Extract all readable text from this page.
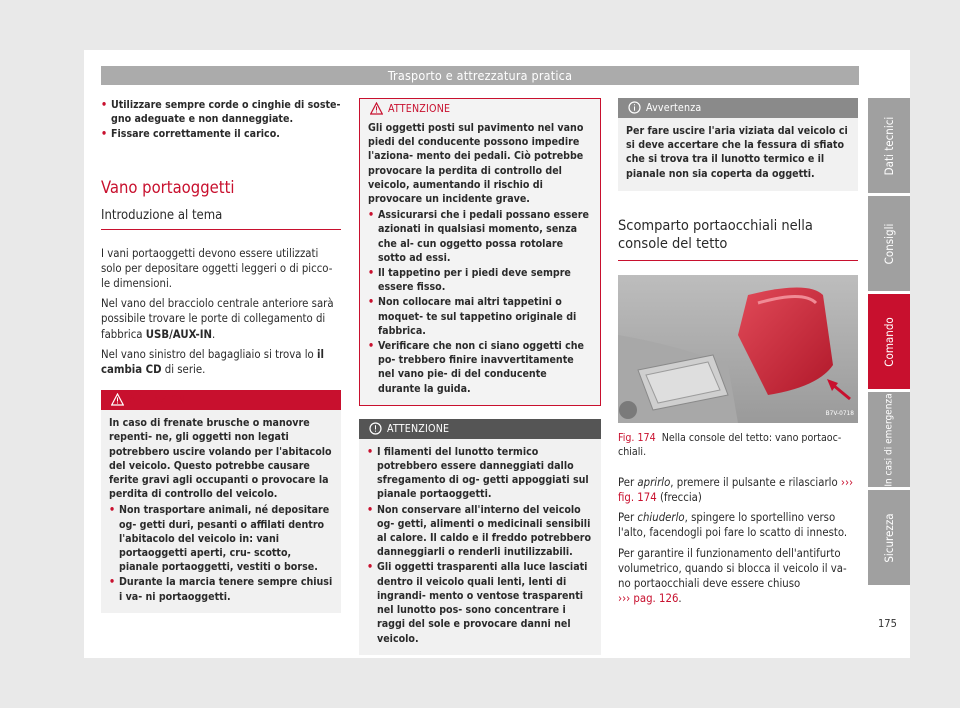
Trasporto e attrezzatura pratica
• Utilizzare sempre corde o cinghie di soste- gno adeguate e non danneggiate.
• Fissare correttamente il carico.
Vano portaoggetti
Introduzione al tema

I vani portaoggetti devono essere utilizzati solo per depositare oggetti leggeri o di picco- le dimensioni.

Nel vano del bracciolo centrale anteriore sarà possibile trovare le porte di collegamento di fabbrica USB/AUX-IN.

Nel vano sinistro del bagagliaio si trova lo il cambia CD di serie.

ATTENZIONE

In caso di frenate brusche o manovre repenti- ne, gli oggetti non legati potrebbero uscire volando per l'abitacolo del veicolo. Questo potrebbe causare ferite gravi agli occupanti o provocare la perdita di controllo del veicolo.

• Non trasportare animali, né depositare og- getti duri, pesanti o affilati dentro l'abitacolo del veicolo in: vani portaoggetti aperti, cru- scotto, pianale portaoggetti, vestiti o borse.
• Durante la marcia tenere sempre chiusi i va- ni portaoggetti.
ATTENZIONE

Gli oggetti posti sul pavimento nel vano piedi del conducente possono impedire l'aziona- mento dei pedali. Ciò potrebbe provocare la perdita di controllo del veicolo, aumentando il rischio di provocare un incidente grave.

• Assicurarsi che i pedali possano essere azionati in qualsiasi momento, senza che al- cun oggetto possa rotolare sotto ad essi.
• Il tappetino per i piedi deve sempre essere fisso.
• Non collocare mai altri tappetini o moquet- te sul tappetino originale di fabbrica.
• Verificare che non ci siano oggetti che po- trebbero finire inavvertitamente nel vano pie- di del conducente durante la guida.
ATTENZIONE
• I filamenti del lunotto termico potrebbero essere danneggiati dallo sfregamento di og- getti appoggiati sul pianale portaoggetti.
• Non conservare all'interno del veicolo og- getti, alimenti o medicinali sensibili al calore. Il caldo e il freddo potrebbero danneggiarli o renderli inutilizzabili.
• Gli oggetti trasparenti alla luce lasciati dentro il veicolo quali lenti, lenti di ingrandi- mento o ventose trasparenti nel lunotto pos- sono concentrare i raggi del sole e provocare danni nel veicolo.
Avvertenza

Per fare uscire l'aria viziata dal veicolo ci si deve accertare che la fessura di sfiato che si trova tra il lunotto termico e il pianale non sia coperta da oggetti.

Scomparto portaocchiali nella console del tetto
B7V-0718
Fig. 174 Nella console del tetto: vano portaoc- chiali.

Per aprirlo, premere il pulsante e rilasciarlo ››› fig. 174 (freccia)

Per chiuderlo, spingere lo sportellino verso l'alto, facendogli poi fare lo scatto di innesto.

Per garantire il funzionamento dell'antifurto volumetrico, quando si blocca il veicolo il va- no portaocchiali deve essere chiuso
››› pag. 126.

Dati tecnici
Consigli
Comando
In casi di emergenza
Sicurezza
175
